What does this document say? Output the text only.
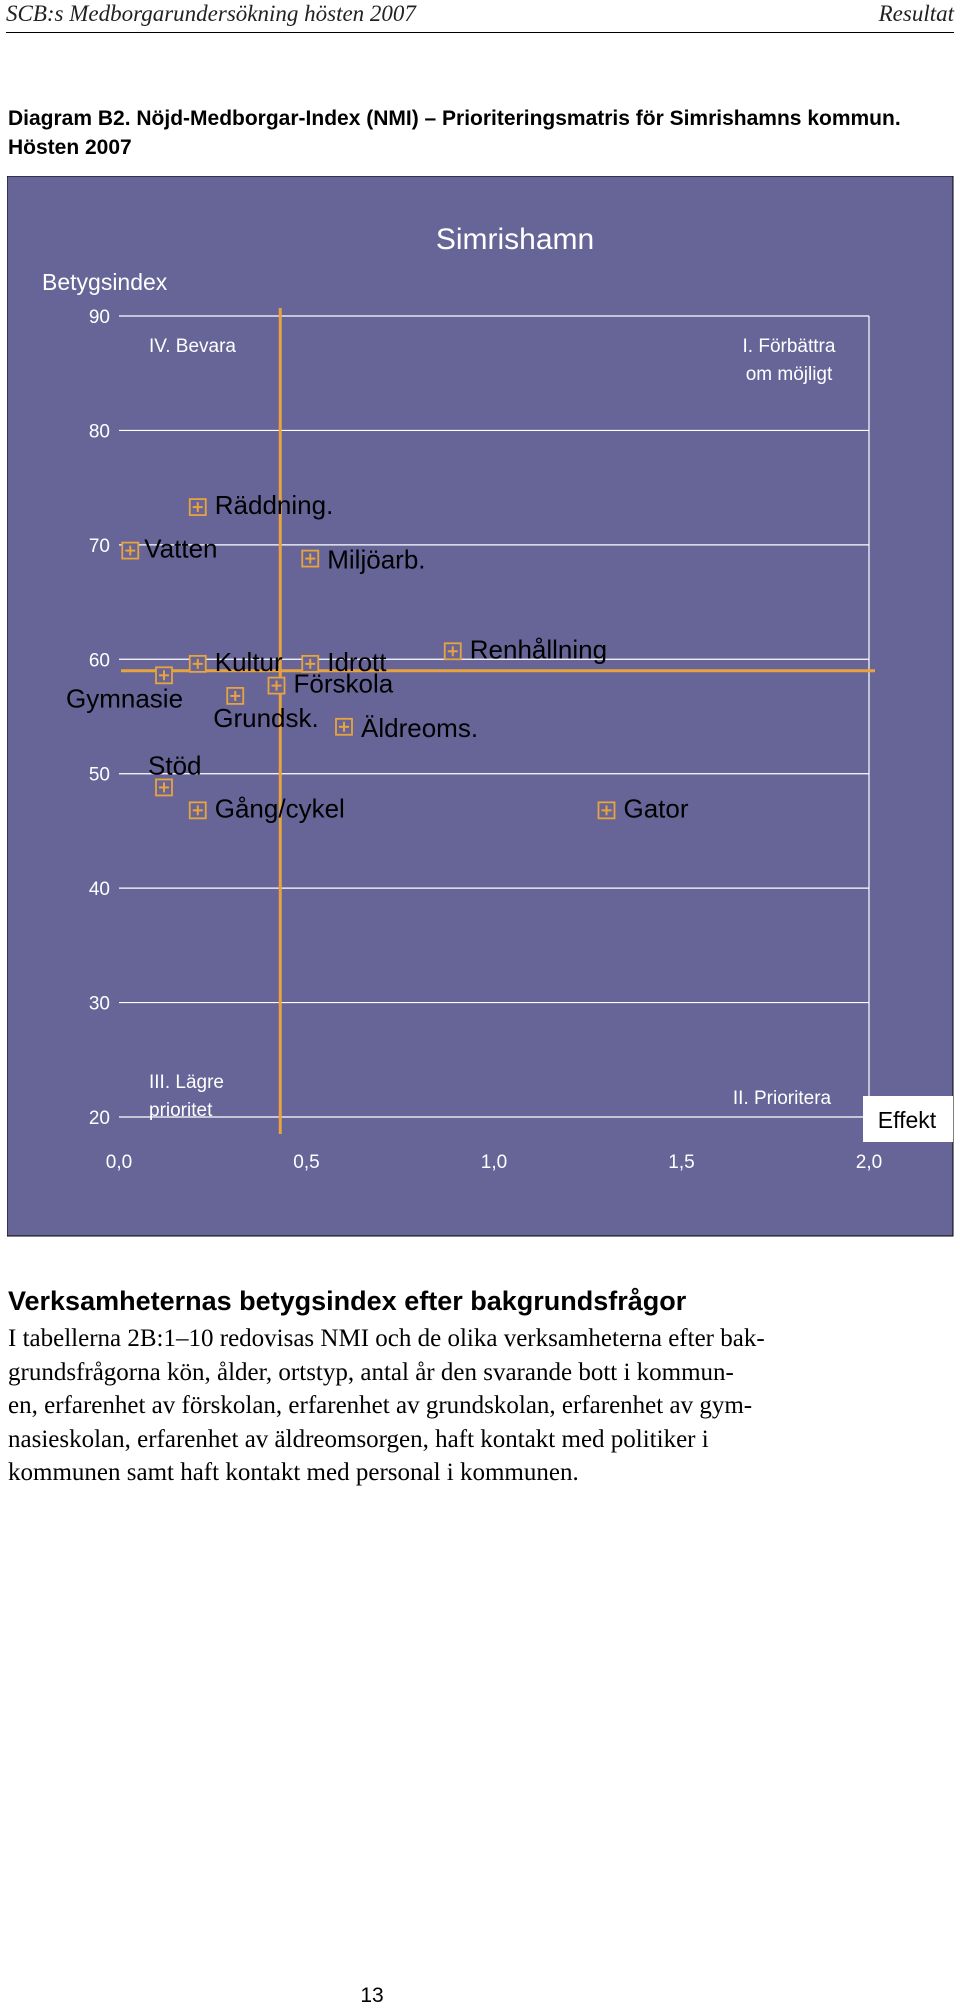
SCB:s Medborgarundersökning hösten 2007	Resultat
Diagram B2. Nöjd-Medborgar-Index (NMI) – Prioriteringsmatris för Simrishamns kommun. Hösten 2007
20
30
40
50
60
70
80
90
0,0	0,5	1,0	1,5	2,0
IV. Bevara	I. Förbättra om möjligt
III. Lägre prioritet
II. Prioritera
Vatten
Räddning.
Miljöarb.
Kultur Idrott	Renhållning
Gymnasie	Förskola
Grundsk. Äldreoms.
Stöd
Gång/cykel	Gator
Simrishamn
Betygsindex
Effekt
Verksamheternas betygsindex efter bakgrundsfrågor
I tabellerna 2B:1–10 redovisas NMI och de olika verksamheterna efter bak-
grundsfrågorna kön, ålder, ortstyp, antal år den svarande bott i kommun-
en, erfarenhet av förskolan, erfarenhet av grundskolan, erfarenhet av gym-
nasieskolan, erfarenhet av äldreomsorgen, haft kontakt med politiker i
kommunen samt haft kontakt med personal i kommunen.
13
